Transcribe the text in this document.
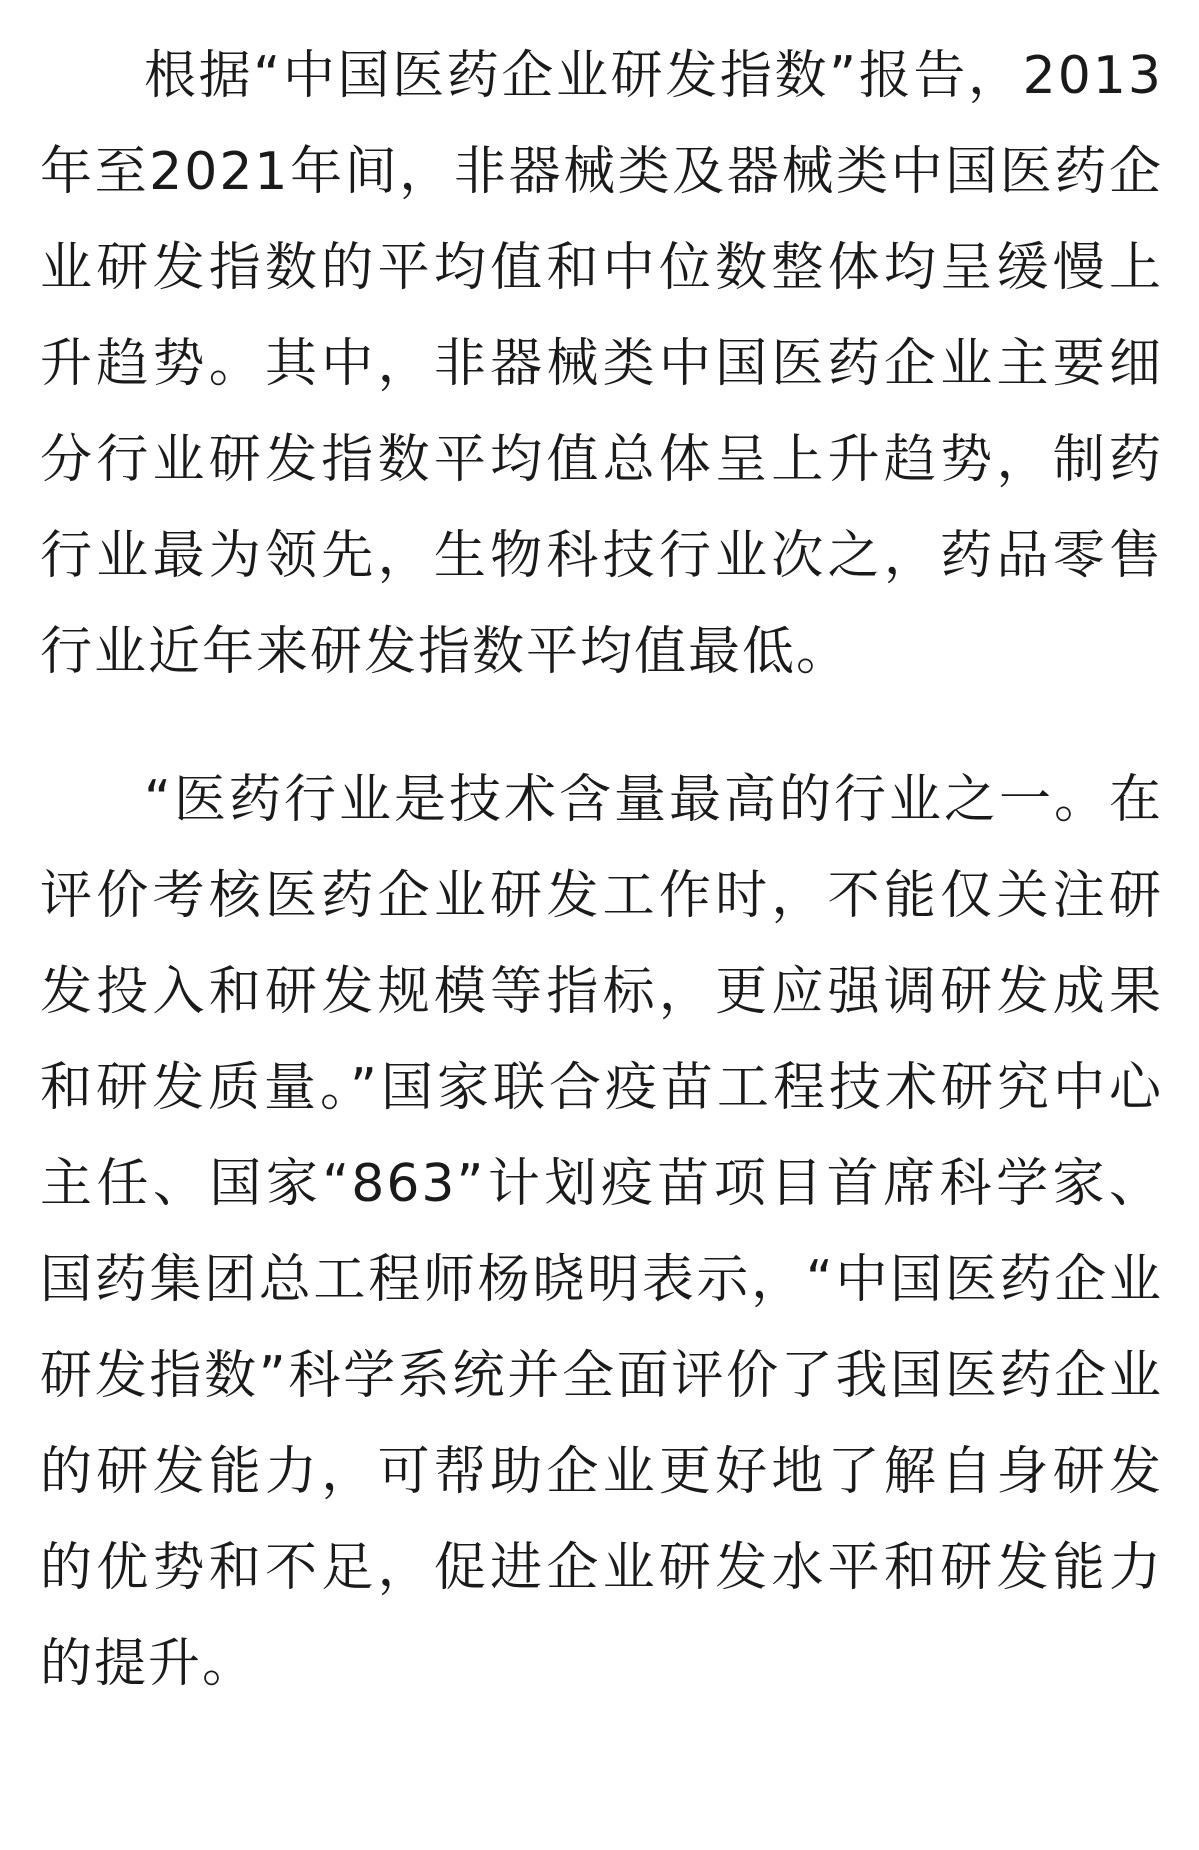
根据“中国医药企业研发指数”报告，2013年至2021年间，非器械类及器械类中国医药企业研发指数的平均值和中位数整体均呈缓慢上升趋势。其中，非器械类中国医药企业主要细分行业研发指数平均值总体呈上升趋势，制药行业最为领先，生物科技行业次之，药品零售行业近年来研发指数平均值最低。

“医药行业是技术含量最高的行业之一。在评价考核医药企业研发工作时，不能仅关注研发投入和研发规模等指标，更应强调研发成果和研发质量。”国家联合疫苗工程技术研究中心主任、国家“863”计划疫苗项目首席科学家、国药集团总工程师杨晓明表示，“中国医药企业研发指数”科学系统并全面评价了我国医药企业的研发能力，可帮助企业更好地了解自身研发的优势和不足，促进企业研发水平和研发能力的提升。
